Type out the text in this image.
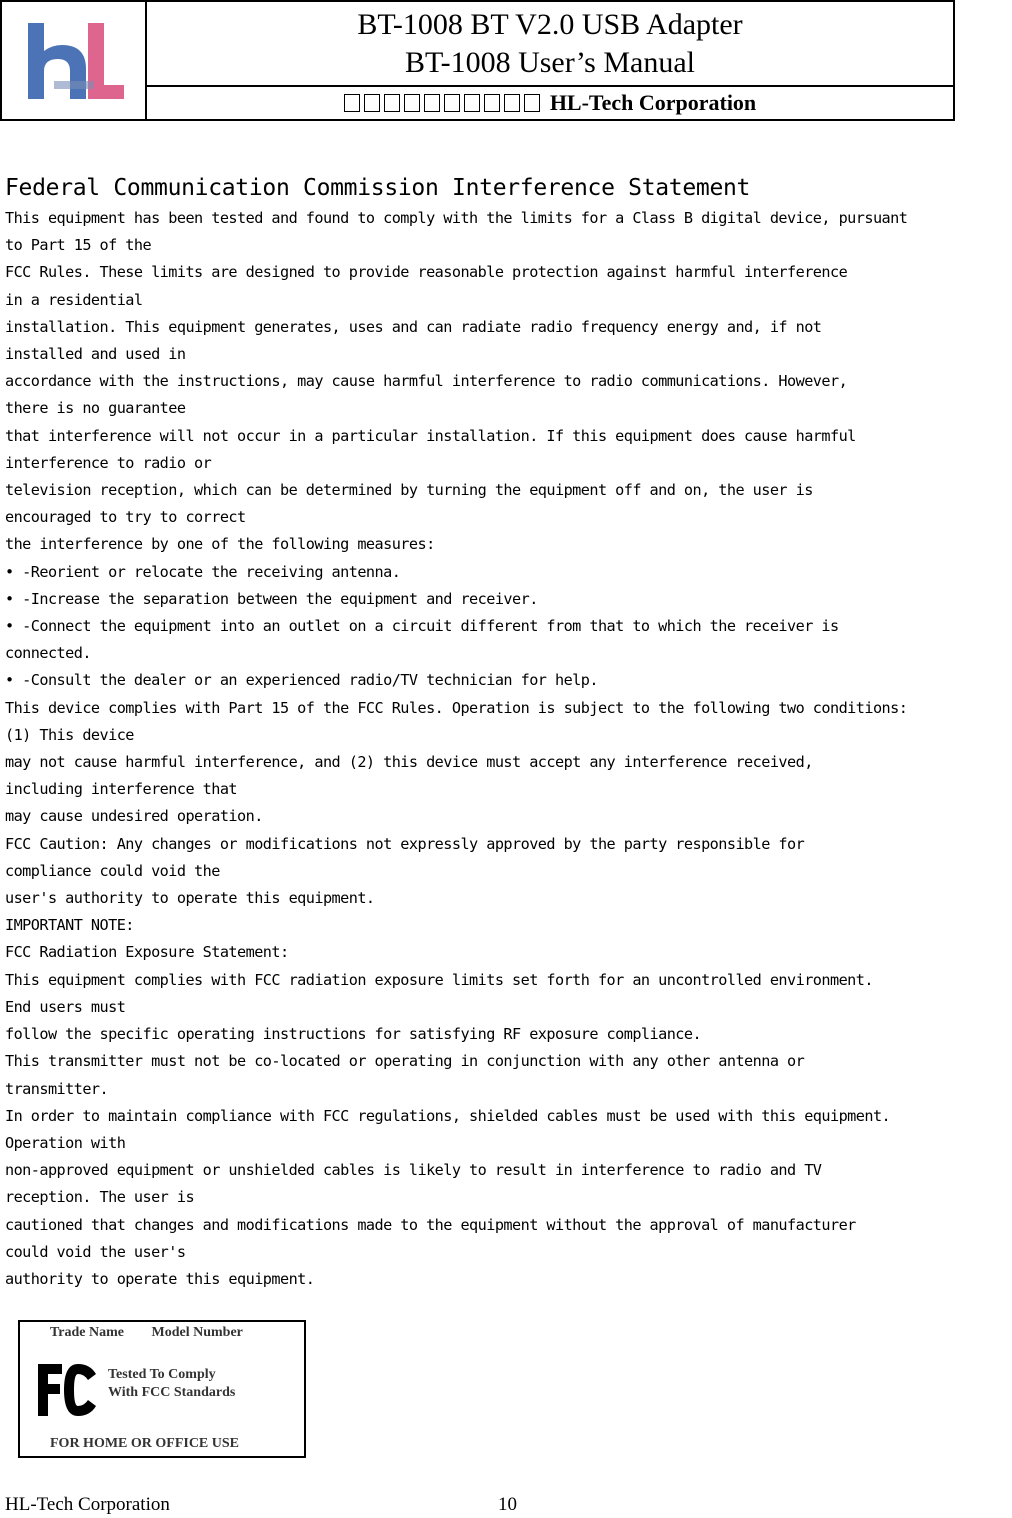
BT-1008 BT V2.0 USB Adapter
BT-1008 User’s Manual
HL-Tech Corporation
Federal Communication Commission Interference Statement
This equipment has been tested and found to comply with the limits for a Class B digital device, pursuant
to Part 15 of the
FCC Rules. These limits are designed to provide reasonable protection against harmful interference
in a residential
installation. This equipment generates, uses and can radiate radio frequency energy and, if not
installed and used in
accordance with the instructions, may cause harmful interference to radio communications. However,
there is no guarantee
that interference will not occur in a particular installation. If this equipment does cause harmful
interference to radio or
television reception, which can be determined by turning the equipment off and on, the user is
encouraged to try to correct
the interference by one of the following measures:
• -Reorient or relocate the receiving antenna.
• -Increase the separation between the equipment and receiver.
• -Connect the equipment into an outlet on a circuit different from that to which the receiver is
connected.
• -Consult the dealer or an experienced radio/TV technician for help.
This device complies with Part 15 of the FCC Rules. Operation is subject to the following two conditions:
(1) This device
may not cause harmful interference, and (2) this device must accept any interference received,
including interference that
may cause undesired operation.
FCC Caution: Any changes or modifications not expressly approved by the party responsible for
compliance could void the
user's authority to operate this equipment.
IMPORTANT NOTE:
FCC Radiation Exposure Statement:
This equipment complies with FCC radiation exposure limits set forth for an uncontrolled environment.
End users must
follow the specific operating instructions for satisfying RF exposure compliance.
This transmitter must not be co-located or operating in conjunction with any other antenna or
transmitter.
In order to maintain compliance with FCC regulations, shielded cables must be used with this equipment.
Operation with
non-approved equipment or unshielded cables is likely to result in interference to radio and TV
reception. The user is
cautioned that changes and modifications made to the equipment without the approval of manufacturer
could void the user's
authority to operate this equipment.
Trade Name Model Number
Tested To Comply
With FCC Standards
FOR HOME OR OFFICE USE
HL-Tech Corporation	10
